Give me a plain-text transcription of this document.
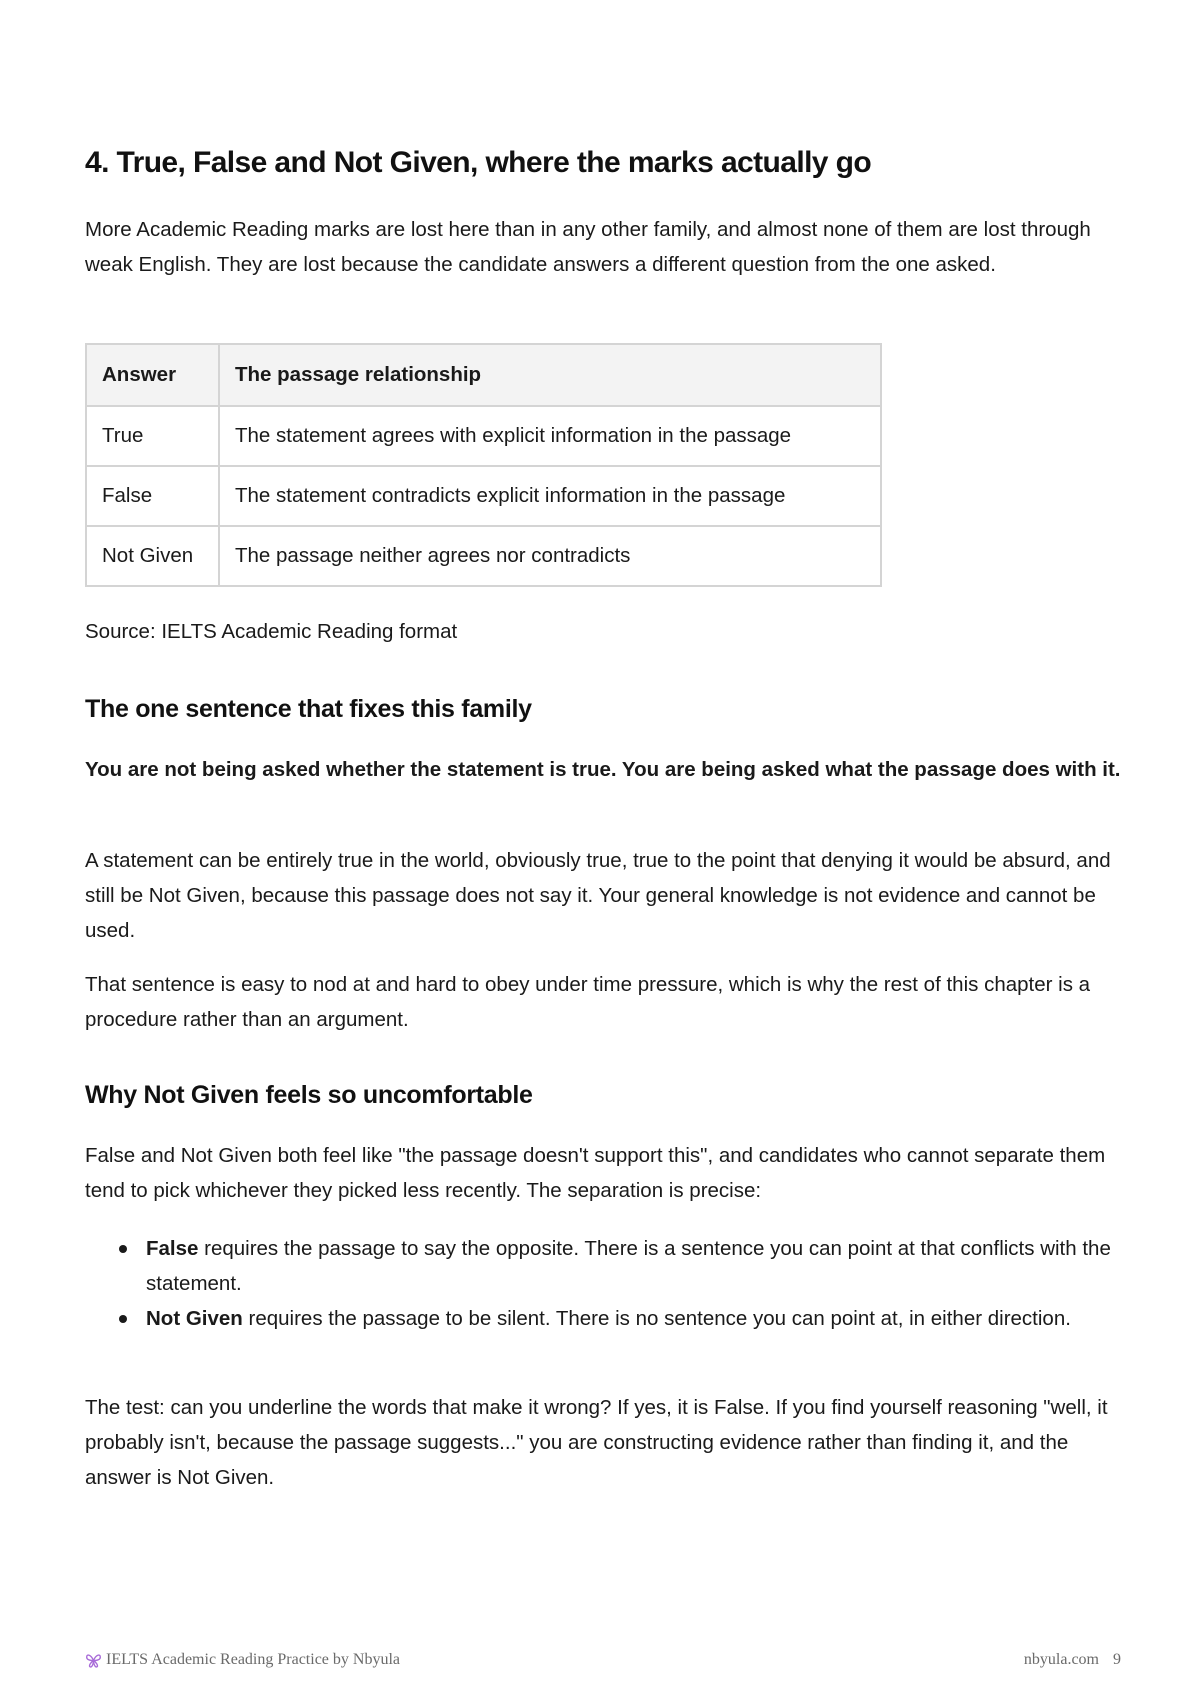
4. True, False and Not Given, where the marks actually go

More Academic Reading marks are lost here than in any other family, and almost none of them are lost through weak English. They are lost because the candidate answers a different question from the one asked.

Answer	The passage relationship
True	The statement agrees with explicit information in the passage
False	The statement contradicts explicit information in the passage
Not Given	The passage neither agrees nor contradicts

Source: IELTS Academic Reading format

The one sentence that fixes this family

You are not being asked whether the statement is true. You are being asked what the passage does with it.

A statement can be entirely true in the world, obviously true, true to the point that denying it would be absurd, and still be Not Given, because this passage does not say it. Your general knowledge is not evidence and cannot be used.

That sentence is easy to nod at and hard to obey under time pressure, which is why the rest of this chapter is a procedure rather than an argument.

Why Not Given feels so uncomfortable

False and Not Given both feel like "the passage doesn't support this", and candidates who cannot separate them tend to pick whichever they picked less recently. The separation is precise:

False requires the passage to say the opposite. There is a sentence you can point at that conflicts with the statement.
Not Given requires the passage to be silent. There is no sentence you can point at, in either direction.

The test: can you underline the words that make it wrong? If yes, it is False. If you find yourself reasoning "well, it probably isn't, because the passage suggests..." you are constructing evidence rather than finding it, and the answer is Not Given.

IELTS Academic Reading Practice by Nbyula	nbyula.com 9
